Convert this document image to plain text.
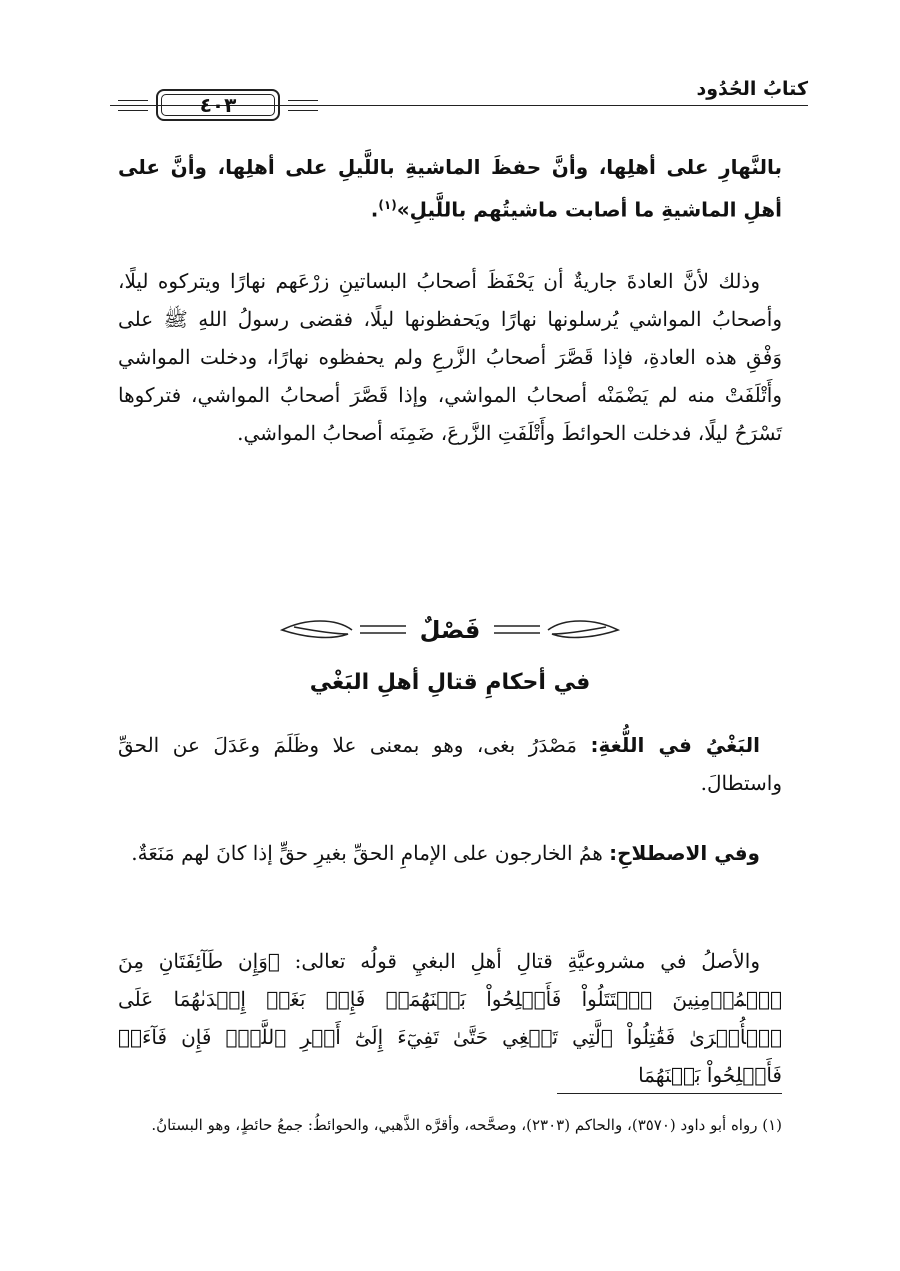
كتابُ الحُدُود
٤٠٣
بالنَّهارِ على أهلِها، وأنَّ حفظَ الماشيةِ باللَّيلِ على أهلِها، وأنَّ على أهلِ الماشيةِ ما أصابت ماشيتُهم باللَّيلِ»$^{(١)}$.
وذلك لأنَّ العادةَ جاريةٌ أن يَحْفَظَ أصحابُ البساتينِ زرْعَهم نهارًا ويتركوه ليلًا، وأصحابُ المواشي يُرسلونها نهارًا ويَحفظونها ليلًا، فقضى رسولُ اللهِ ﷺ على وَفْقِ هذه العادةِ، فإذا قَصَّرَ أصحابُ الزَّرعِ ولم يحفظوه نهارًا، ودخلت المواشي وأَتْلَفَتْ منه لم يَضْمَنْه أصحابُ المواشي، وإذا قَصَّرَ أصحابُ المواشي، فتركوها تَسْرَحُ ليلًا، فدخلت الحوائطَ وأَتْلَفَتِ الزَّرعَ، ضَمِنَه أصحابُ المواشي.
فَصْلٌ
في أحكامِ قتالِ أهلِ البَغْي
البَغْيُ في اللُّغةِ: مَصْدَرُ بغى، وهو بمعنى علا وظَلَمَ وعَدَلَ عن الحقِّ واستطالَ.
وفي الاصطلاحِ: همُ الخارجون على الإمامِ الحقِّ بغيرِ حقٍّ إذا كانَ لهم مَنَعَةٌ.
والأصلُ في مشروعيَّةِ قتالِ أهلِ البغيِ قولُه تعالى: ﴿وَإِن طَآئِفَتَانِ مِنَ ٱلۡمُؤۡمِنِينَ ٱقۡتَتَلُواْ فَأَصۡلِحُواْ بَيۡنَهُمَاۖ فَإِنۢ بَغَتۡ إِحۡدَىٰهُمَا عَلَى ٱلۡأُخۡرَىٰ فَقَٰتِلُواْ ٱلَّتِي تَبۡغِي حَتَّىٰ تَفِيٓءَ إِلَىٰٓ أَمۡرِ ٱللَّهِۚ فَإِن فَآءَتۡ فَأَصۡلِحُواْ بَيۡنَهُمَا
(١) رواه أبو داود (٣٥٧٠)، والحاكم (٢٣٠٣)، وصحَّحه، وأقرَّه الذَّهبي، والحوائطُ: جمعُ حائطٍ، وهو البستانُ.
